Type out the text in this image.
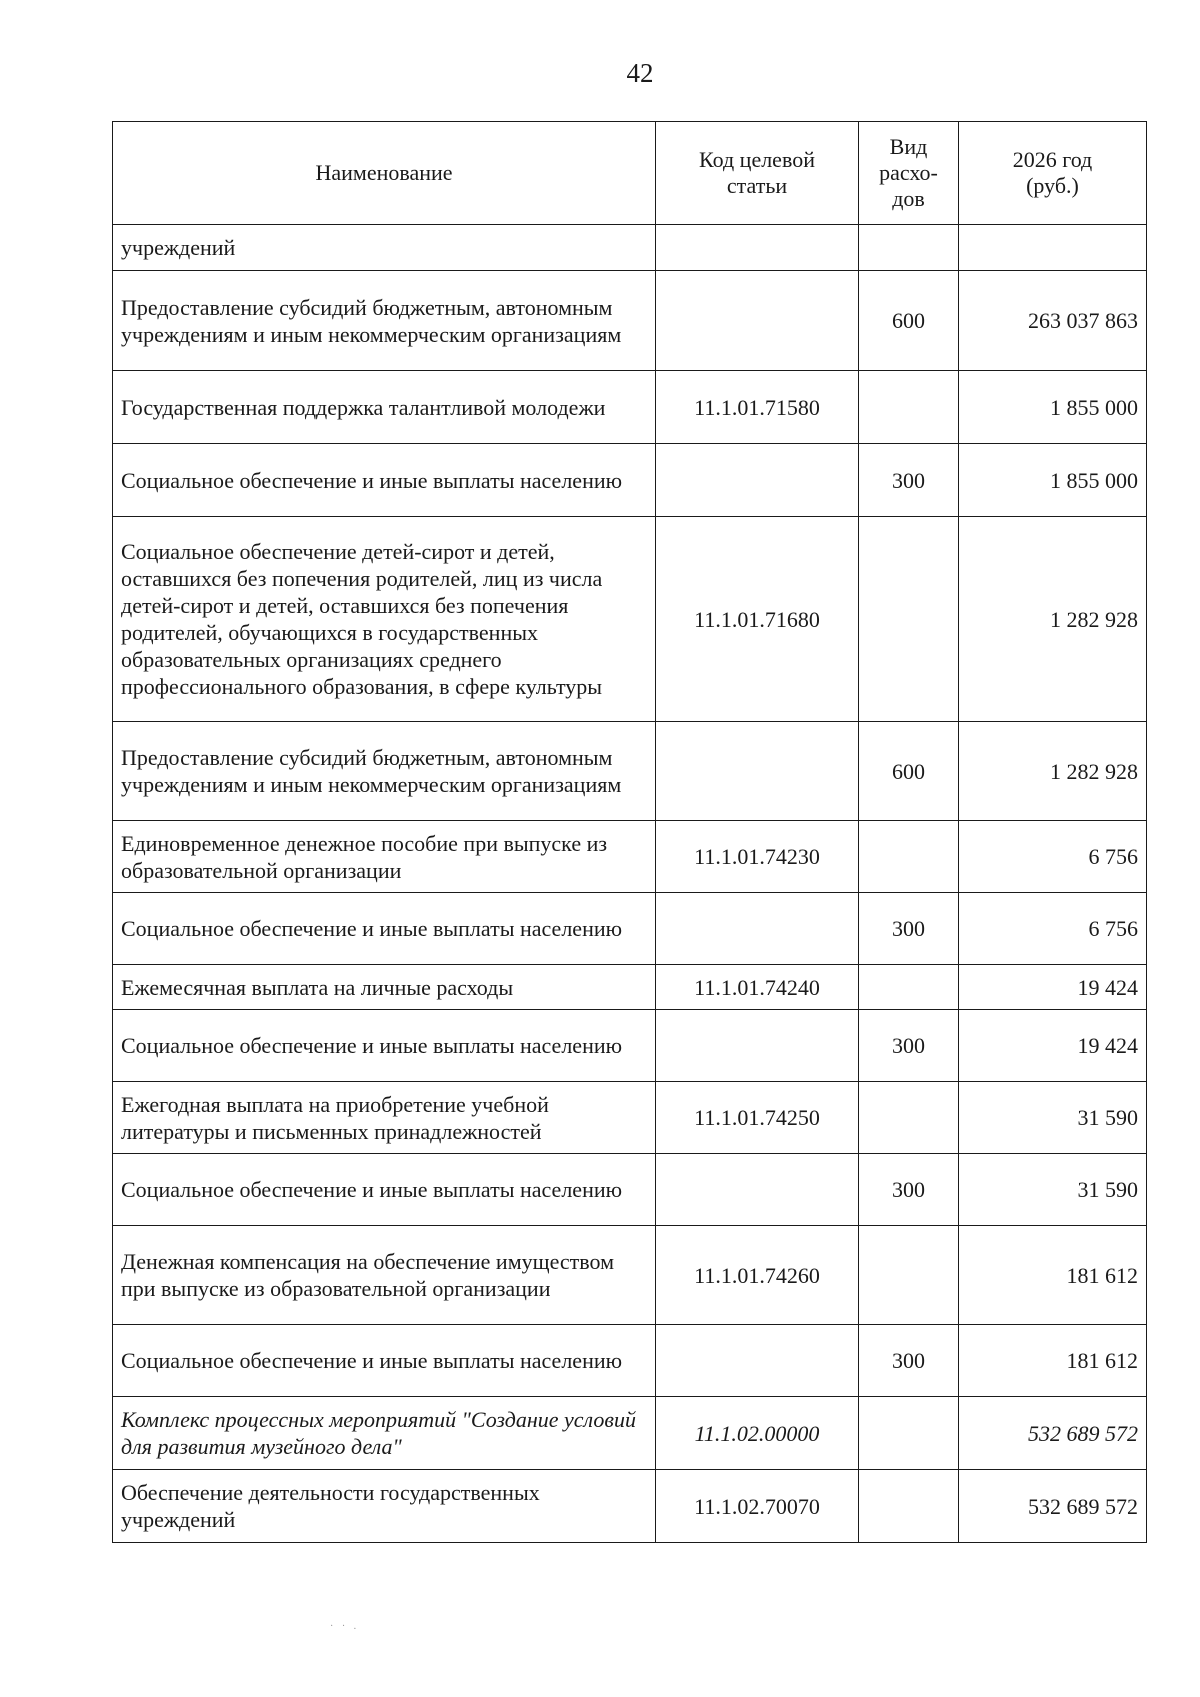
42
Наименование	Код целевой статьи	Вид расхо-дов	2026 год (руб.)
учреждений			
Предоставление субсидий бюджетным, автономным учреждениям и иным некоммерческим организациям		600	263 037 863
Государственная поддержка талантливой молодежи	11.1.01.71580		1 855 000
Социальное обеспечение и иные выплаты населению		300	1 855 000
Социальное обеспечение детей-сирот и детей, оставшихся без попечения родителей, лиц из числа детей-сирот и детей, оставшихся без попечения родителей, обучающихся в государственных образовательных организациях среднего профессионального образования, в сфере культуры	11.1.01.71680		1 282 928
Предоставление субсидий бюджетным, автономным учреждениям и иным некоммерческим организациям		600	1 282 928
Единовременное денежное пособие при выпуске из образовательной организации	11.1.01.74230		6 756
Социальное обеспечение и иные выплаты населению		300	6 756
Ежемесячная выплата на личные расходы	11.1.01.74240		19 424
Социальное обеспечение и иные выплаты населению		300	19 424
Ежегодная выплата на приобретение учебной литературы и письменных принадлежностей	11.1.01.74250		31 590
Социальное обеспечение и иные выплаты населению		300	31 590
Денежная компенсация на обеспечение имуществом при выпуске из образовательной организации	11.1.01.74260		181 612
Социальное обеспечение и иные выплаты населению		300	181 612
Комплекс процессных мероприятий "Создание условий для развития музейного дела"	11.1.02.00000		532 689 572
Обеспечение деятельности государственных учреждений	11.1.02.70070		532 689 572
· · .
